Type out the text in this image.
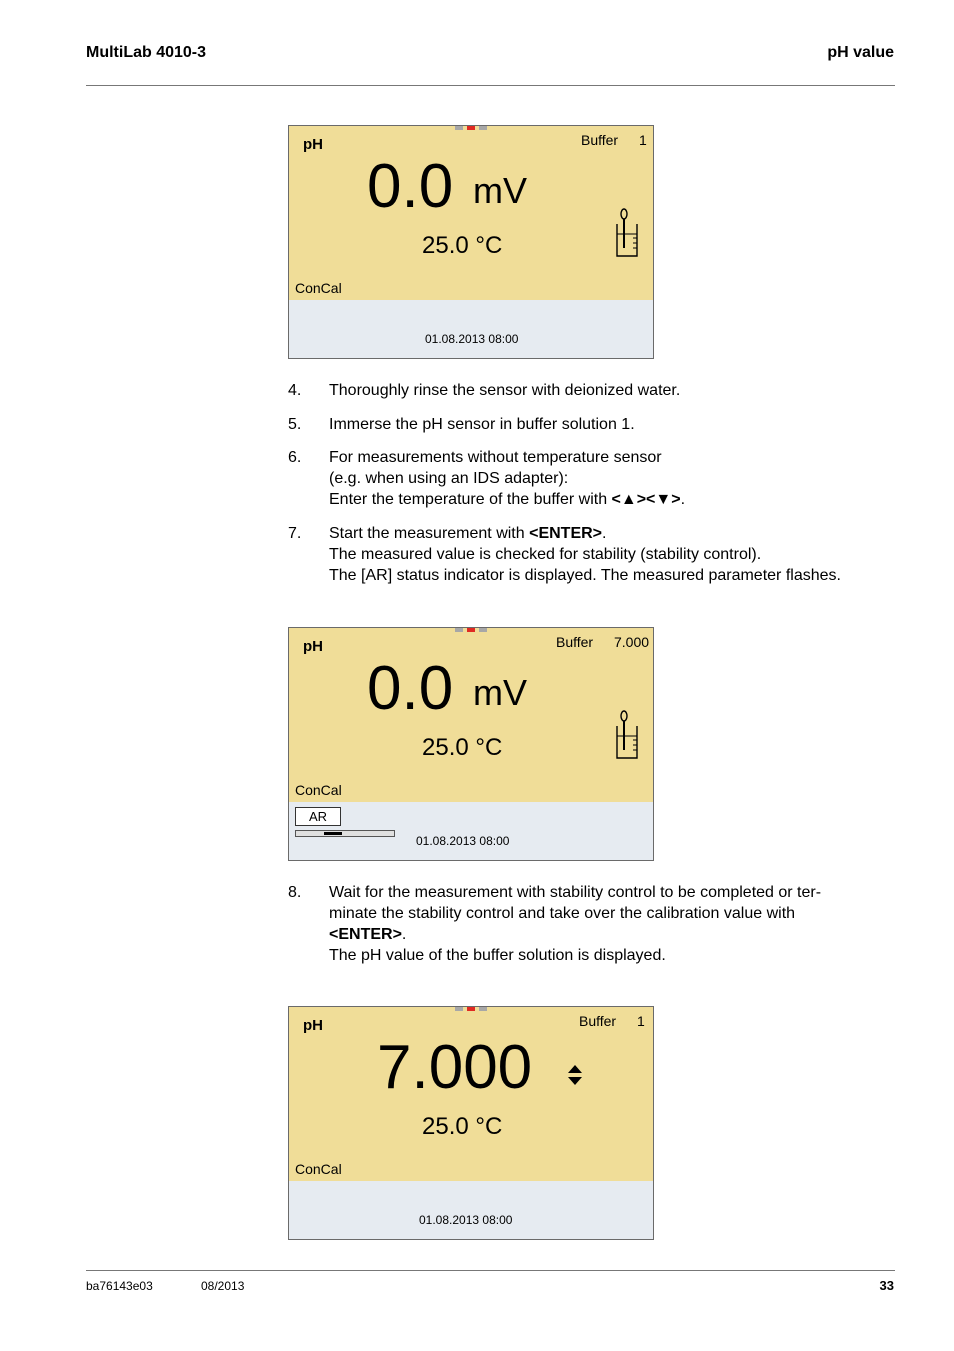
MultiLab 4010-3	pH value
pH	Buffer 1
0.0 mV
25.0 °C
ConCal
01.08.2013 08:00
4. Thoroughly rinse the sensor with deionized water.
5. Immerse the pH sensor in buffer solution 1.
6. For measurements without temperature sensor
(e.g. when using an IDS adapter):
Enter the temperature of the buffer with <▲><▼>.
7. Start the measurement with <ENTER>.
The measured value is checked for stability (stability control).
The [AR] status indicator is displayed. The measured parameter flashes.
pH	Buffer 7.000
0.0 mV
25.0 °C
ConCal
AR
01.08.2013 08:00
8. Wait for the measurement with stability control to be completed or ter-
minate the stability control and take over the calibration value with
<ENTER>.
The pH value of the buffer solution is displayed.
pH	Buffer 1
7.000
25.0 °C
ConCal
01.08.2013 08:00
ba76143e03	08/2013	33
